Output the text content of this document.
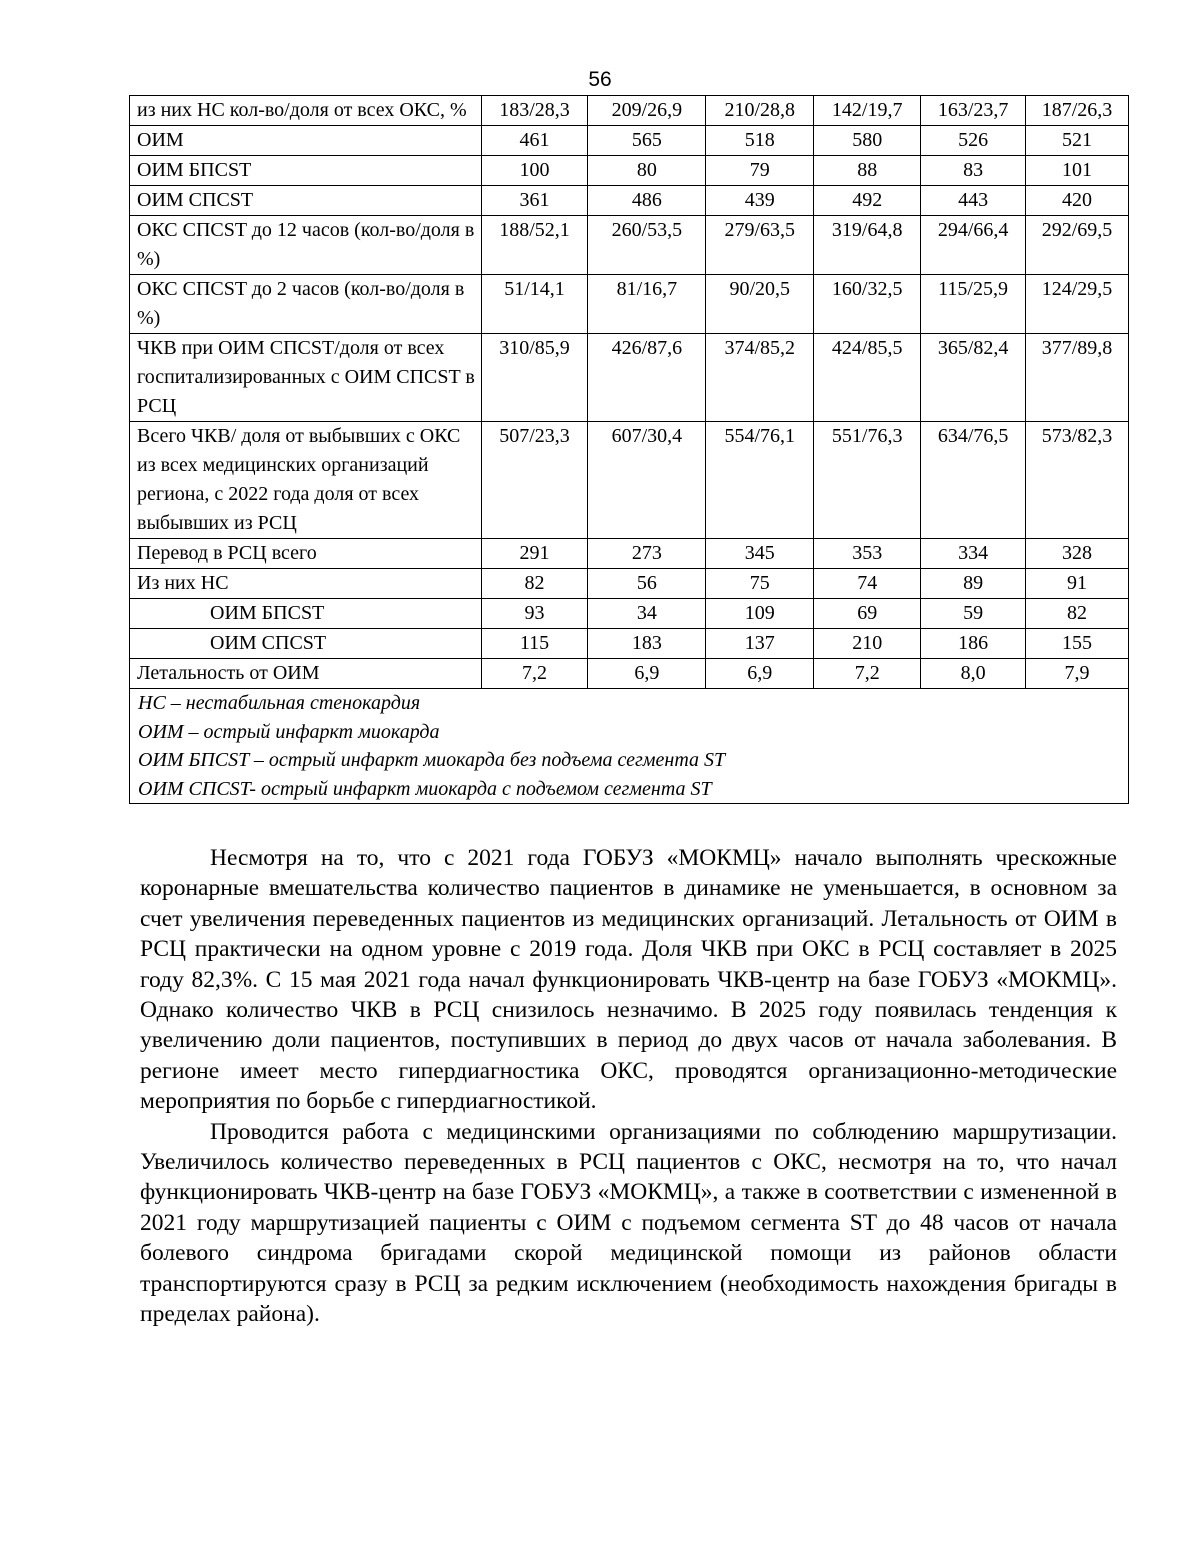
56
из них НС кол-во/доля от всех ОКС, %	183/28,3	209/26,9	210/28,8	142/19,7	163/23,7	187/26,3
ОИМ	461	565	518	580	526	521
ОИМ БПСST	100	80	79	88	83	101
ОИМ СПСST	361	486	439	492	443	420
ОКС СПСST до 12 часов (кол-во/доля в %)	188/52,1	260/53,5	279/63,5	319/64,8	294/66,4	292/69,5
ОКС СПСST до 2 часов (кол-во/доля в %)	51/14,1	81/16,7	90/20,5	160/32,5	115/25,9	124/29,5
ЧКВ при ОИМ СПСST/доля от всех госпитализированных с ОИМ СПСST в РСЦ	310/85,9	426/87,6	374/85,2	424/85,5	365/82,4	377/89,8
Всего ЧКВ/ доля от выбывших с ОКС из всех медицинских организаций региона, с 2022 года доля от всех выбывших из РСЦ	507/23,3	607/30,4	554/76,1	551/76,3	634/76,5	573/82,3
Перевод в РСЦ всего	291	273	345	353	334	328
Из них НС	82	56	75	74	89	91
ОИМ БПСST	93	34	109	69	59	82
ОИМ СПСST	115	183	137	210	186	155
Летальность от ОИМ	7,2	6,9	6,9	7,2	8,0	7,9

НС – нестабильная стенокардия
ОИМ – острый инфаркт миокарда
ОИМ БПСST – острый инфаркт миокарда без подъема сегмента ST
ОИМ СПСST- острый инфаркт миокарда с подъемом сегмента ST						

Несмотря на то, что с 2021 года ГОБУЗ «МОКМЦ» начало выполнять чрескожные коронарные вмешательства количество пациентов в динамике не уменьшается, в основном за счет увеличения переведенных пациентов из медицинских организаций. Летальность от ОИМ в РСЦ практически на одном уровне с 2019 года. Доля ЧКВ при ОКС в РСЦ составляет в 2025 году 82,3%. С 15 мая 2021 года начал функционировать ЧКВ-центр на базе ГОБУЗ «МОКМЦ». Однако количество ЧКВ в РСЦ снизилось незначимо. В 2025 году появилась тенденция к увеличению доли пациентов, поступивших в период до двух часов от начала заболевания. В регионе имеет место гипердиагностика ОКС, проводятся организационно-методические мероприятия по борьбе с гипердиагностикой.

Проводится работа с медицинскими организациями по соблюдению маршрутизации. Увеличилось количество переведенных в РСЦ пациентов с ОКС, несмотря на то, что начал функционировать ЧКВ-центр на базе ГОБУЗ «МОКМЦ», а также в соответствии с измененной в 2021 году маршрутизацией пациенты с ОИМ с подъемом сегмента ST до 48 часов от начала болевого синдрома бригадами скорой медицинской помощи из районов области транспортируются сразу в РСЦ за редким исключением (необходимость нахождения бригады в пределах района).
